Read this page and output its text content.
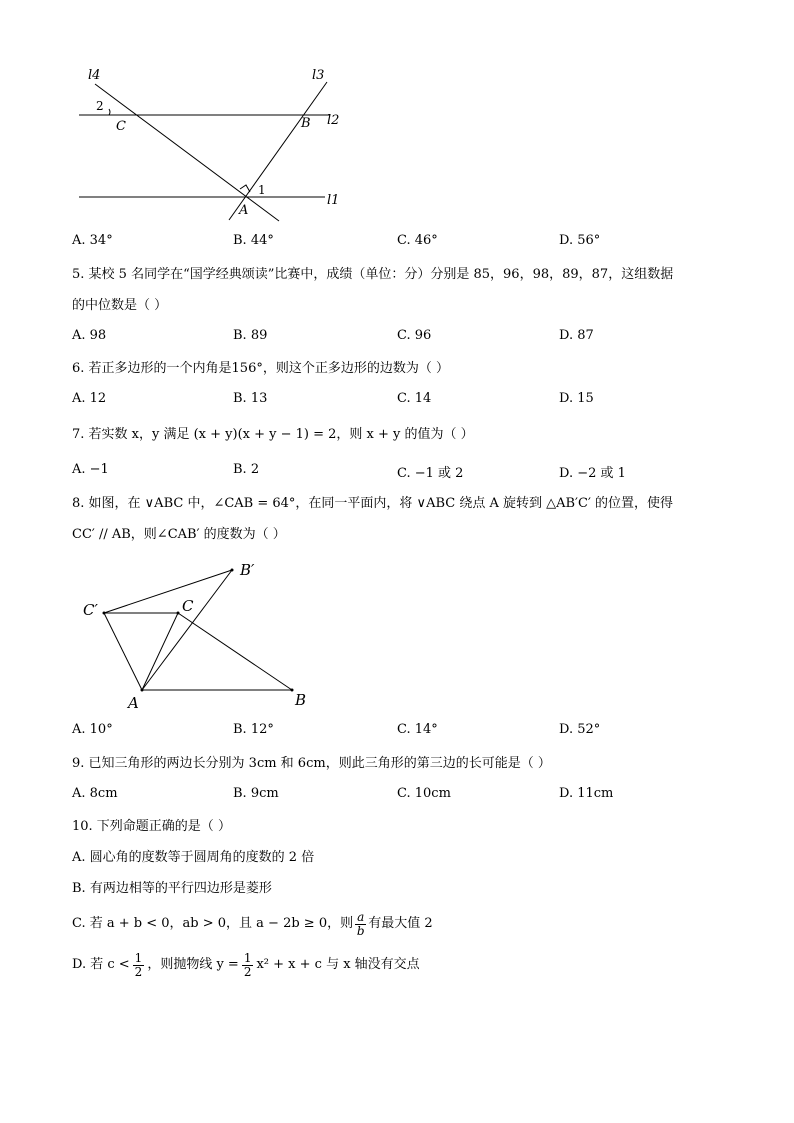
l4	l3
l2
l1
2
C	B
1
A
A. 34°	B. 44°	C. 46°	D. 56°
5. 某校 5 名同学在“国学经典颂读”比赛中，成绩（单位：分）分别是 85，96，98，89，87，这组数据
的中位数是（ ）
A. 98	B. 89	C. 96	D. 87
6. 若正多边形的一个内角是156°，则这个正多边形的边数为（ ）
A. 12	B. 13	C. 14	D. 15
7. 若实数 x，y 满足 (x + y)(x + y − 1) = 2，则 x + y 的值为（ ）
A. −1	B. 2	C. −1 或 2	D. −2 或 1
8. 如图，在 ∨ABC 中，∠CAB = 64°，在同一平面内，将 ∨ABC 绕点 A 旋转到 △AB′C′ 的位置，使得
CC′ // AB，则∠CAB′ 的度数为（ ）
B′
C′	C
A	B
A. 10°	B. 12°	C. 14°	D. 52°
9. 已知三角形的两边长分别为 3cm 和 6cm，则此三角形的第三边的长可能是（ ）
A. 8cm	B. 9cm	C. 10cm	D. 11cm
10. 下列命题正确的是（ ）
A. 圆心角的度数等于圆周角的度数的 2 倍
B. 有两边相等的平行四边形是菱形
C. 若 a + b < 0，ab > 0，且 a − 2b ≥ 0，则 $\frac{a}{b}$ 有最大值 2
D. 若 $c < \frac{1}{2}$ ，则抛物线 $y = \frac{1}{2} x^2 + x + c$ 与 x 轴没有交点
